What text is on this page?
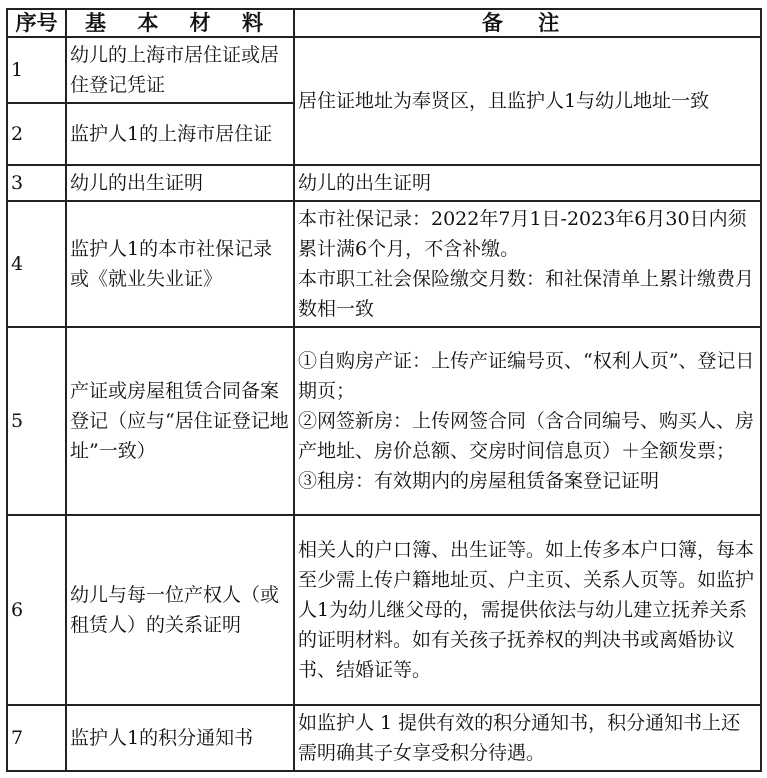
序号	基 本 材 料	备 注
1	幼儿的上海市居住证或居住登记凭证	居住证地址为奉贤区，且监护人1与幼儿地址一致
2	监护人1的上海市居住证	
3	幼儿的出生证明	幼儿的出生证明
4	监护人1的本市社保记录或《就业失业证》	本市社保记录：2022年7月1日-2023年6月30日内须累计满6个月，不含补缴。
本市职工社会保险缴交月数：和社保清单上累计缴费月数相一致

5	产证或房屋租赁合同备案登记（应与“居住证登记地址”一致）	①自购房产证：上传产证编号页、“权利人页”、登记日期页；
②网签新房：上传网签合同（含合同编号、购买人、房产地址、房价总额、交房时间信息页）＋全额发票；
③租房：有效期内的房屋租赁备案登记证明

6	幼儿与每一位产权人（或租赁人）的关系证明	相关人的户口簿、出生证等。如上传多本户口簿，每本至少需上传户籍地址页、户主页、关系人页等。如监护人1为幼儿继父母的，需提供依法与幼儿建立抚养关系的证明材料。如有关孩子抚养权的判决书或离婚协议书、结婚证等。
7	监护人1的积分通知书	如监护人 1 提供有效的积分通知书，积分通知书上还需明确其子女享受积分待遇。
